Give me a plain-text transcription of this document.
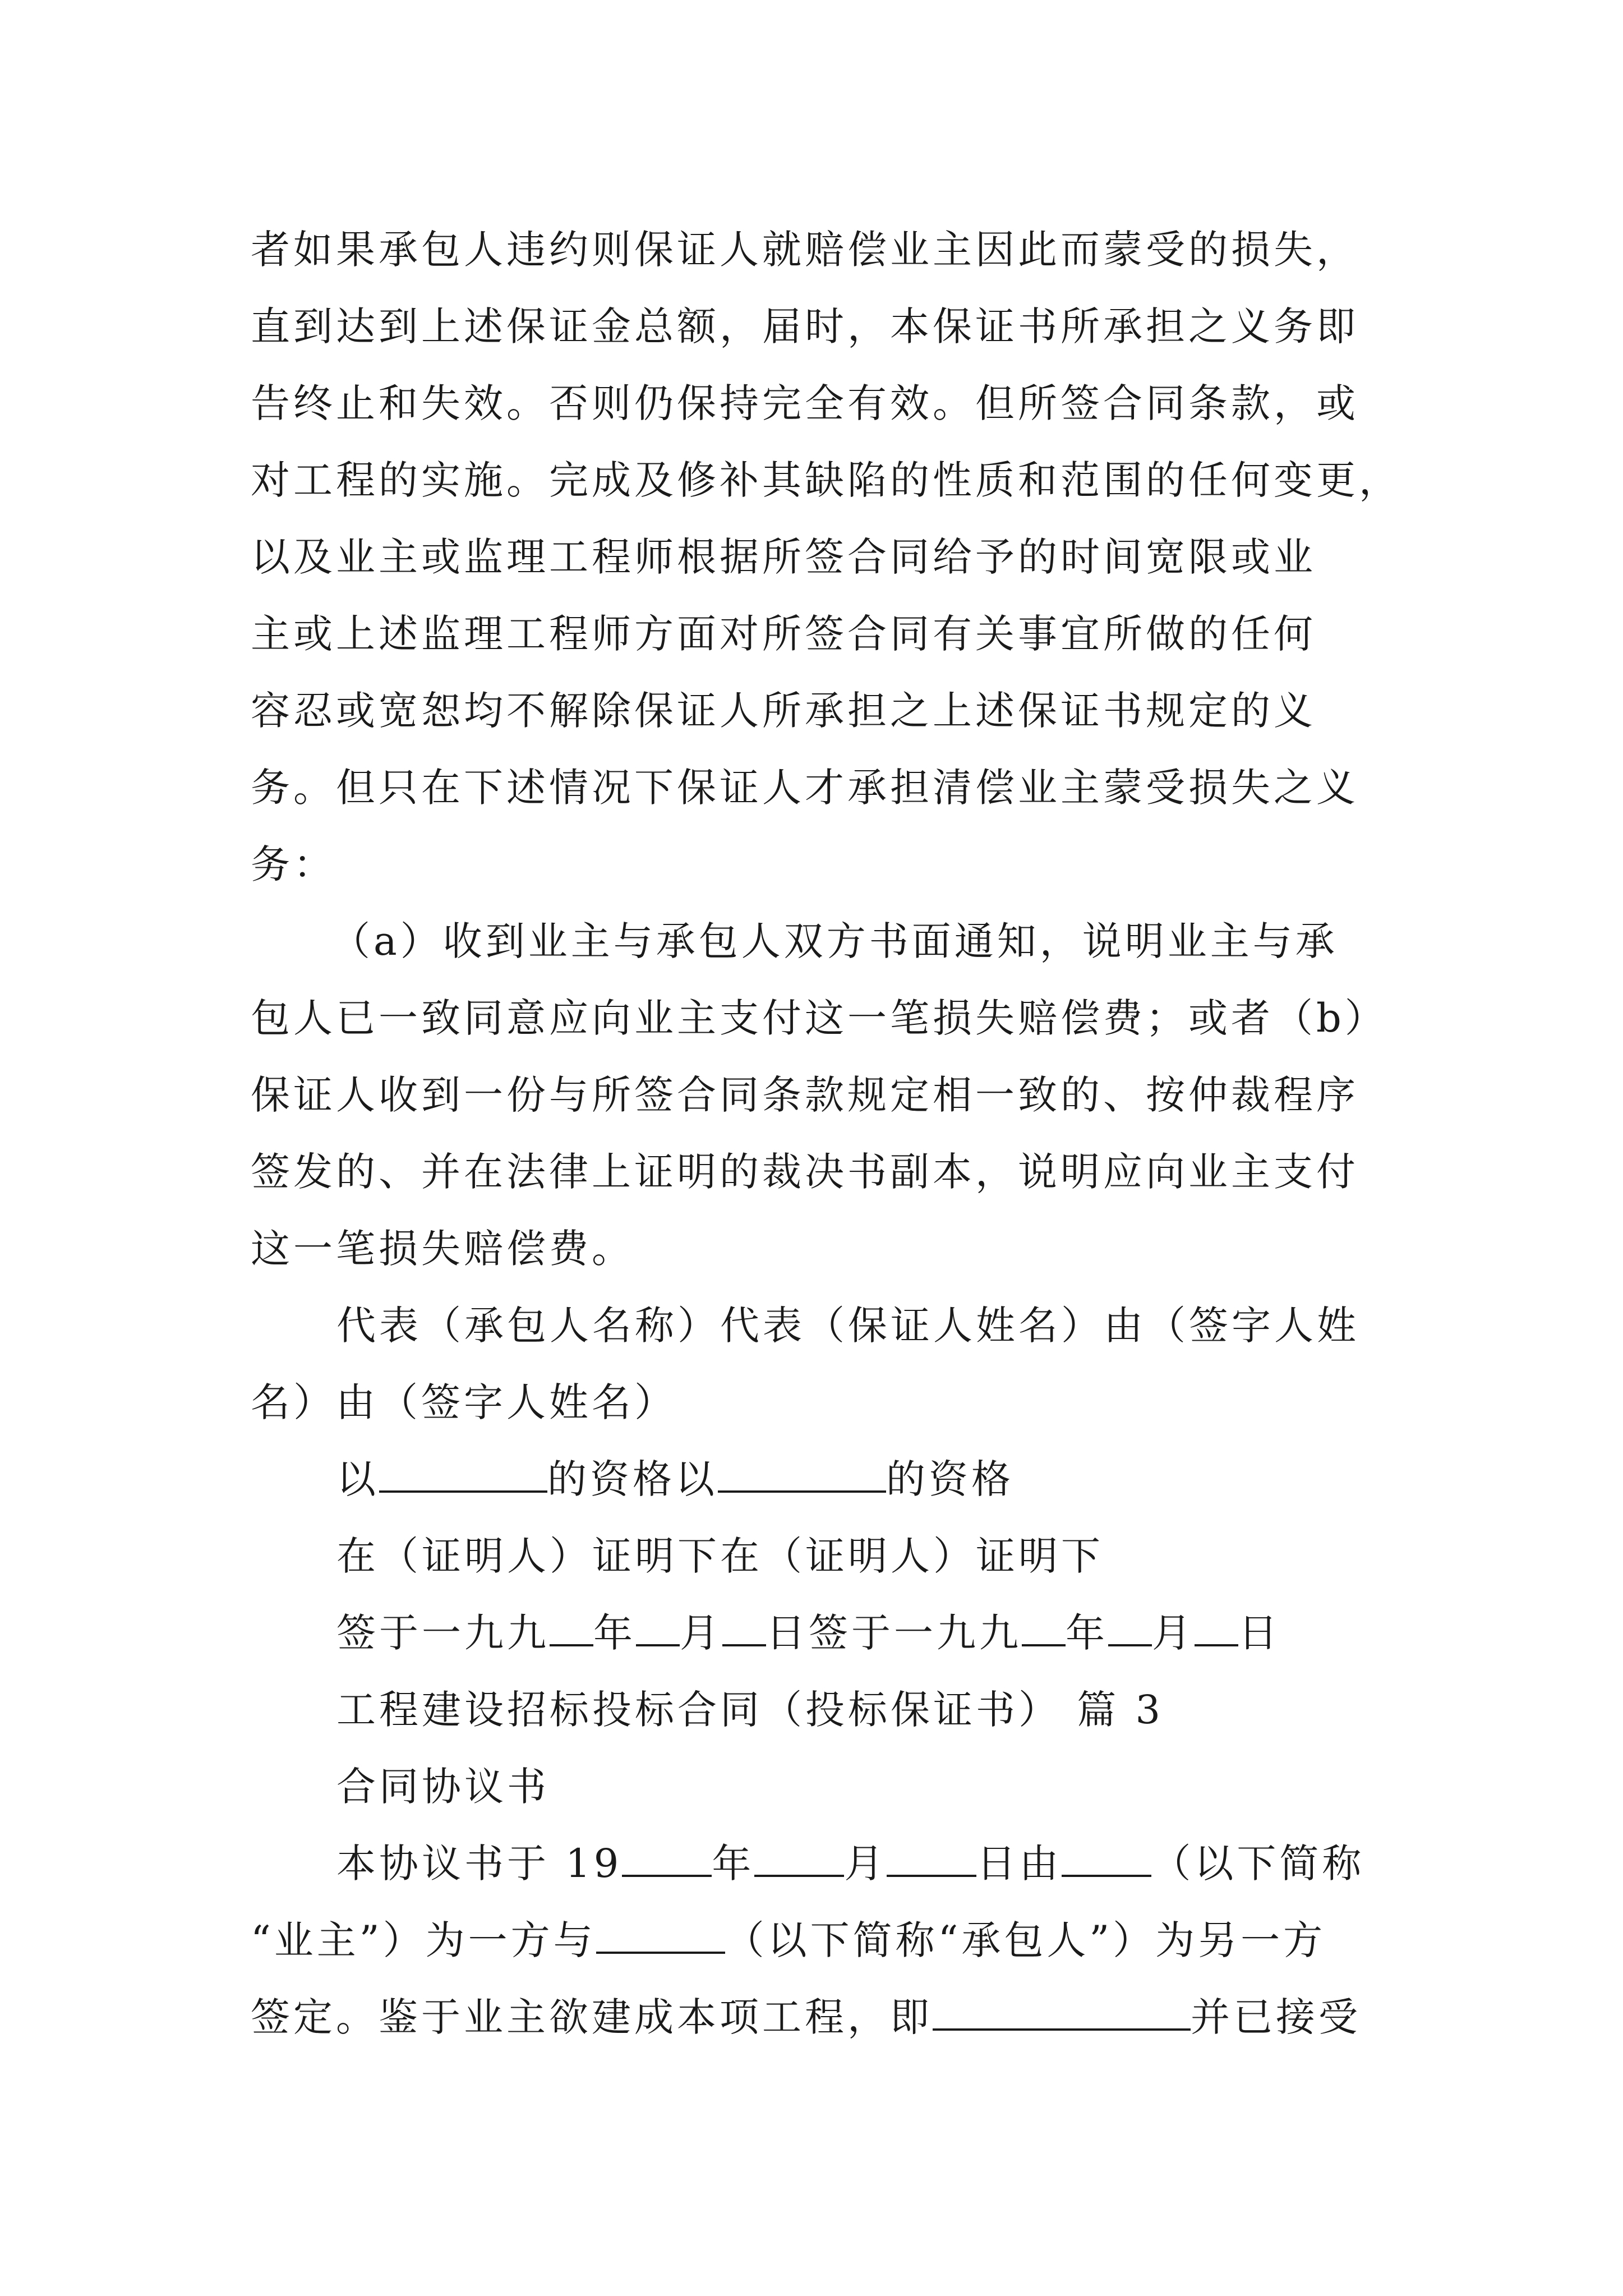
者如果承包人违约则保证人就赔偿业主因此而蒙受的损失，
直到达到上述保证金总额，届时，本保证书所承担之义务即
告终止和失效。否则仍保持完全有效。但所签合同条款，或
对工程的实施。完成及修补其缺陷的性质和范围的任何变更，
以及业主或监理工程师根据所签合同给予的时间宽限或业
主或上述监理工程师方面对所签合同有关事宜所做的任何
容忍或宽恕均不解除保证人所承担之上述保证书规定的义
务。但只在下述情况下保证人才承担清偿业主蒙受损失之义
务：
（a）收到业主与承包人双方书面通知，说明业主与承
包人已一致同意应向业主支付这一笔损失赔偿费；或者（b）
保证人收到一份与所签合同条款规定相一致的、按仲裁程序
签发的、并在法律上证明的裁决书副本，说明应向业主支付
这一笔损失赔偿费。
代表（承包人名称）代表（保证人姓名）由（签字人姓
名）由（签字人姓名）
以	的资格以	的资格
在（证明人）证明下在（证明人）证明下
签于一九九 年 月 日签于一九九 年 月 日
工程建设招标投标合同（投标保证书） 篇 3
合同协议书
本协议书于 19 年 月 日由 （以下简称
“业主”）为一方与	（以下简称“承包人”）为另一方
签定。鉴于业主欲建成本项工程，即	并已接受
